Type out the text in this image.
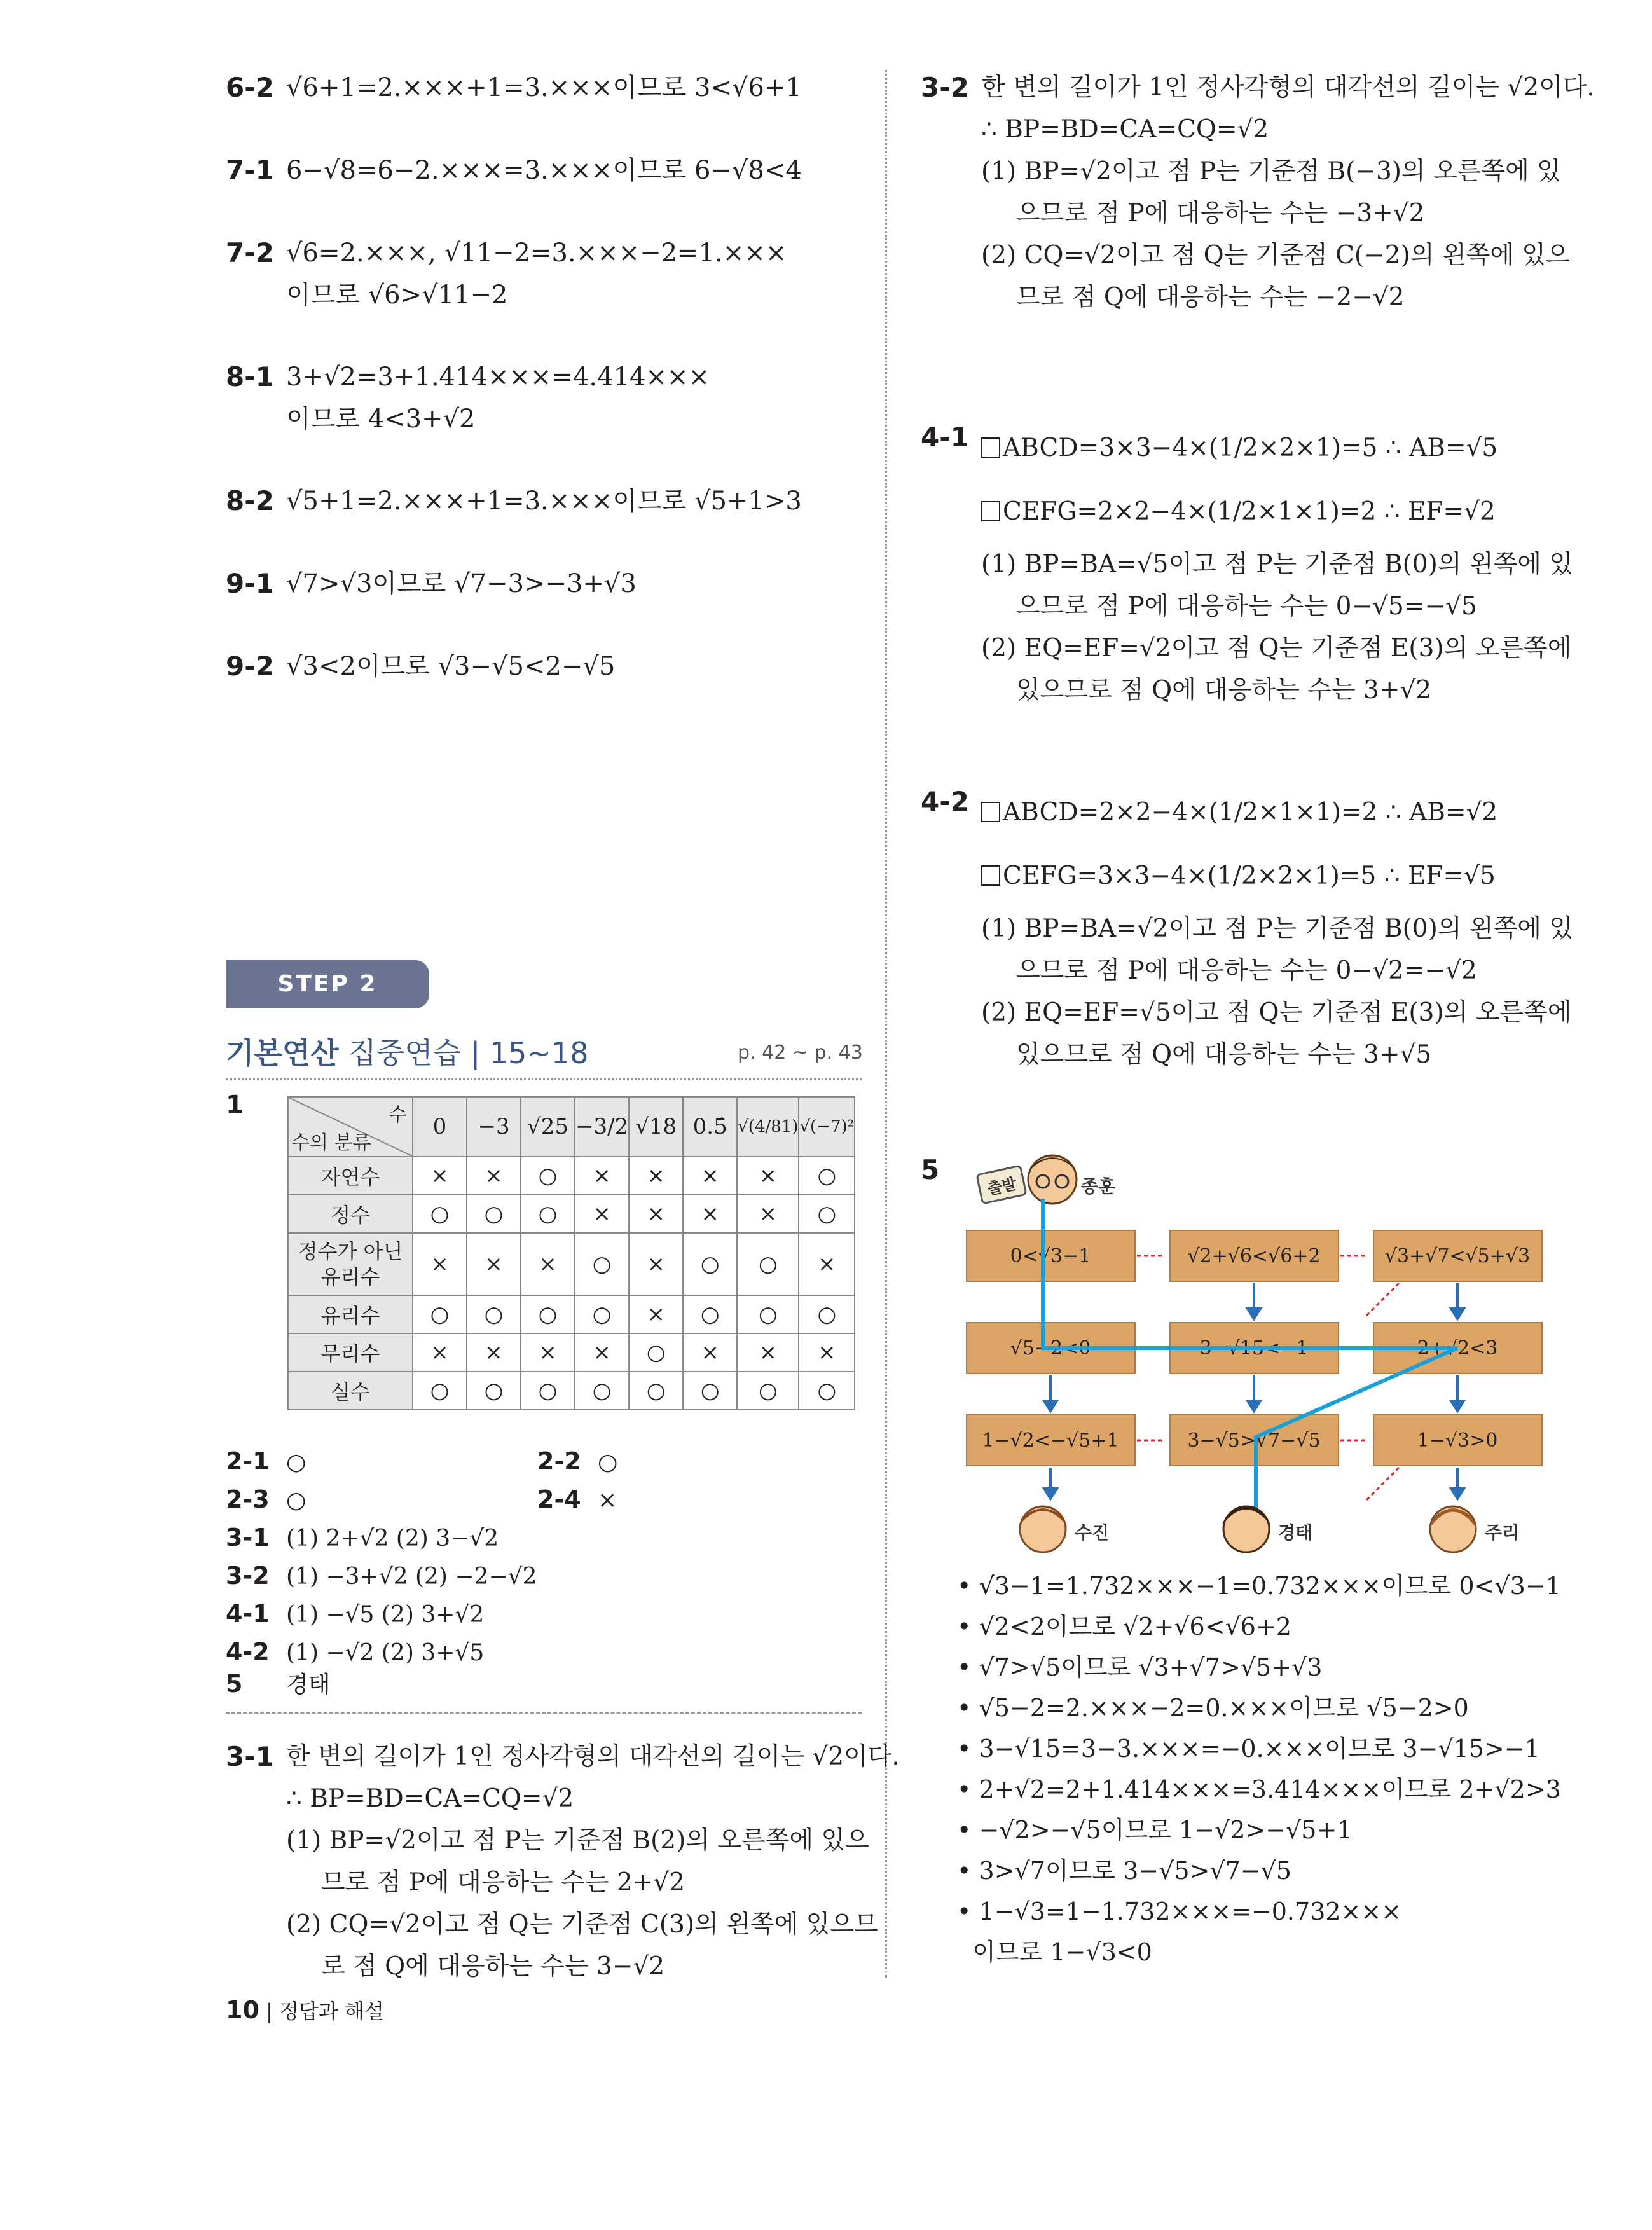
6-2 √6+1=2.×××+1=3.×××이므로 3<√6+1
7-1 6−√8=6−2.×××=3.×××이므로 6−√8<4
7-2 √6=2.×××, √11−2=3.×××−2=1.×××
이므로 √6>√11−2
8-1 3+√2=3+1.414×××=4.414×××
이므로 4<3+√2
8-2 √5+1=2.×××+1=3.×××이므로 √5+1>3
9-1 √7>√3이므로 √7−3>−3+√3
9-2 √3<2이므로 √3−√5<2−√5
STEP 2
기본연산 집중연습 | 15~18	p. 42 ~ p. 43
1	수
수의 분류	0	−3	√25	−3/2	√18	0.5̇	√(4/81)	√(−7)²
자연수	×	×	○	×	×	×	×	○
정수	○	○	○	×	×	×	×	○
정수가 아닌 유리수	×	×	×	○	×	○	○	×
유리수	○	○	○	○	×	○	○	○
무리수	×	×	×	×	○	×	×	×
실수	○	○	○	○	○	○	○	○
2-1 ○	2-2 ○
2-3 ○	2-4 ×
3-1 (1) 2+√2 (2) 3−√2
3-2 (1) −3+√2 (2) −2−√2
4-1 (1) −√5 (2) 3+√2
4-2 (1) −√2 (2) 3+√5
5 경태
3-1 한 변의 길이가 1인 정사각형의 대각선의 길이는 √2이다.
∴ BP=BD=CA=CQ=√2
(1) BP=√2이고 점 P는 기준점 B(2)의 오른쪽에 있으
므로 점 P에 대응하는 수는 2+√2
(2) CQ=√2이고 점 Q는 기준점 C(3)의 왼쪽에 있으므
로 점 Q에 대응하는 수는 3−√2
10 | 정답과 해설
3-2 한 변의 길이가 1인 정사각형의 대각선의 길이는 √2이다.
∴ BP=BD=CA=CQ=√2
(1) BP=√2이고 점 P는 기준점 B(−3)의 오른쪽에 있
으므로 점 P에 대응하는 수는 −3+√2
(2) CQ=√2이고 점 Q는 기준점 C(−2)의 왼쪽에 있으
므로 점 Q에 대응하는 수는 −2−√2
4-1	ABCD=3×3−4×(1/2×2×1)=5 ∴ AB=√5
CEFG=2×2−4×(1/2×1×1)=2 ∴ EF=√2
(1) BP=BA=√5이고 점 P는 기준점 B(0)의 왼쪽에 있
으므로 점 P에 대응하는 수는 0−√5=−√5
(2) EQ=EF=√2이고 점 Q는 기준점 E(3)의 오른쪽에
있으므로 점 Q에 대응하는 수는 3+√2
4-2	ABCD=2×2−4×(1/2×1×1)=2 ∴ AB=√2
CEFG=3×3−4×(1/2×2×1)=5 ∴ EF=√5
(1) BP=BA=√2이고 점 P는 기준점 B(0)의 왼쪽에 있
으므로 점 P에 대응하는 수는 0−√2=−√2
(2) EQ=EF=√5이고 점 Q는 기준점 E(3)의 오른쪽에
있으므로 점 Q에 대응하는 수는 3+√5
5
출발	종훈
0<√3−1	√2+√6<√6+2	√3+√7<√5+√3
√5−2<0	3−√15<−1	2+√2<3
1−√2<−√5+1	3−√5>√7−√5	1−√3>0
수진	경태	주리
• √3−1=1.732×××−1=0.732×××이므로 0<√3−1
• √2<2이므로 √2+√6<√6+2
• √7>√5이므로 √3+√7>√5+√3
• √5−2=2.×××−2=0.×××이므로 √5−2>0
• 3−√15=3−3.×××=−0.×××이므로 3−√15>−1
• 2+√2=2+1.414×××=3.414×××이므로 2+√2>3
• −√2>−√5이므로 1−√2>−√5+1
• 3>√7이므로 3−√5>√7−√5
• 1−√3=1−1.732×××=−0.732×××
이므로 1−√3<0
